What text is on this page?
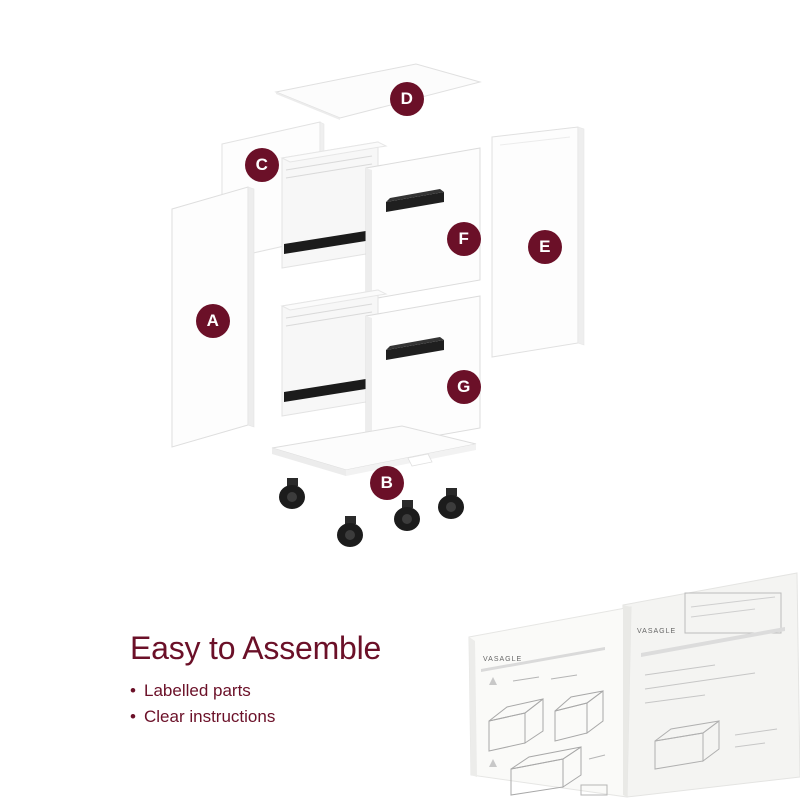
D
C
E
F
A
G
B
Easy to Assemble
• Labelled parts
• Clear instructions
VASAGLE
VASAGLE
